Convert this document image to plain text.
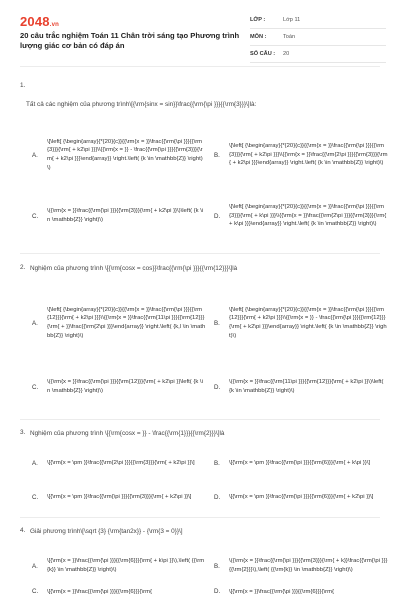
2048.vn
20 câu trắc nghiệm Toán 11 Chân trời sáng tạo Phương trình lượng giác cơ bản có đáp án
LỚP :	Lớp 11
MÔN :	Toán
SỐ CÂU :	20
1.
Tất cả các nghiệm của phương trình\[{\rm{sinx = sin}}\frac{{\rm{\pi }}}{{\rm{3}}}\]là:
A.
\[\left[ {\begin{array}{*{20}{c}}{{\rm{x = }}\frac{{\rm{\pi }}}{{\rm{3}}}{\rm{ + k2\pi }}}\\{{\rm{x = }} - \frac{{\rm{\pi }}}{{\rm{3}}}{\rm{ + k2\pi }}}\end{array}} \right.\left( {k \in \mathbb{Z}} \right)\)
B.
\[\left[ {\begin{array}{*{20}{c}}{{\rm{x = }}\frac{{\rm{\pi }}}{{\rm{3}}}{\rm{ + k2\pi }}}\\{{\rm{x = }}\frac{{\rm{2\pi }}}{{\rm{3}}}{\rm{ + k2\pi }}}\end{array}} \right.\left( {k \in \mathbb{Z}} \right)\)
C.
\({\rm{x = }}\frac{{\rm{\pi }}}{{\rm{3}}}{\rm{ + k2\pi }}\)\left( {k \in \mathbb{Z}} \right)\)
D.
\[\left[ {\begin{array}{*{20}{c}}{{\rm{x = }}\frac{{\rm{\pi }}}{{\rm{3}}}{\rm{ + k\pi }}}\\{{\rm{x = }}\frac{{\rm{2\pi }}}{{\rm{3}}}{\rm{ + k\pi }}}\end{array}} \right.\left( {k \in \mathbb{Z}} \right)\)
2. Nghiệm của phương trình \[{\rm{cosx = cos}}\frac{{\rm{\pi }}}{{\rm{12}}}\]là
A.
\[\left[ {\begin{array}{*{20}{c}}{{\rm{x = }}\frac{{\rm{\pi }}}{{\rm{12}}}{\rm{ + k2\pi }}}\\{{\rm{x = }}\frac{{\rm{11\pi }}}{{\rm{12}}}{\rm{ + }}\frac{{\rm{2\pi }}}\end{array}} \right.\left( {k,l \in \mathbb{Z}} \right)\)
B.
\[\left[ {\begin{array}{*{20}{c}}{{\rm{x = }}\frac{{\rm{\pi }}}{{\rm{12}}}{\rm{ + k2\pi }}}\\{{\rm{x = }} - \frac{{\rm{\pi }}}{{\rm{12}}}{\rm{ + k2\pi }}}\end{array}} \right.\left( {k \in \mathbb{Z}} \right)\)
C.
\({\rm{x = }}\frac{{\rm{\pi }}}{{\rm{12}}}{\rm{ + k2\pi }}\left( {k \in \mathbb{Z}} \right)\)
D.
\({\rm{x = }}\frac{{\rm{11\pi }}}{{\rm{12}}}{\rm{ + k2\pi }}\)\left( {k \in \mathbb{Z}} \right)\)
3. Nghiệm của phương trình \[{\rm{cosx = }} - \frac{{\rm{1}}}{{\rm{2}}}\]là
A.	\[{\rm{x = \pm }}\frac{{\rm{2\pi }}}{{\rm{3}}}{\rm{ + k2\pi }}\]	B.	\[{\rm{x = \pm }}\frac{{\rm{\pi }}}{{\rm{6}}}{\rm{ + k\pi }}\]
C.	\[{\rm{x = \pm }}\frac{{\rm{\pi }}}{{\rm{3}}}{\rm{ + k2\pi }}\]	D.	\[{\rm{x = \pm }}\frac{{\rm{\pi }}}{{\rm{6}}}{\rm{ + k2\pi }}\]
4. Giải phương trình\[\sqrt {3} {\rm{tan2x}} - {\rm{3 = 0}}\]
A.
\[{\rm{x = }}\frac{{\rm{\pi }}}{{\rm{6}}}{\rm{ + k\pi }}\),\left( {{\rm{k}} \in \mathbb{Z}} \right)\)
B.
\({\rm{x = }}\frac{{\rm{\pi }}}{{\rm{3}}}{\rm{ + k}}\frac{{\rm{\pi }}}{{\rm{2}}}\),\left( {{\rm{k}} \in \mathbb{Z}} \right)\)
C.	\[{\rm{x = }}\frac{{\rm{\pi }}}{{\rm{6}}}{\rm{	D.	\[{\rm{x = }}\frac{{\rm{\pi }}}{{\rm{6}}}{\rm{
